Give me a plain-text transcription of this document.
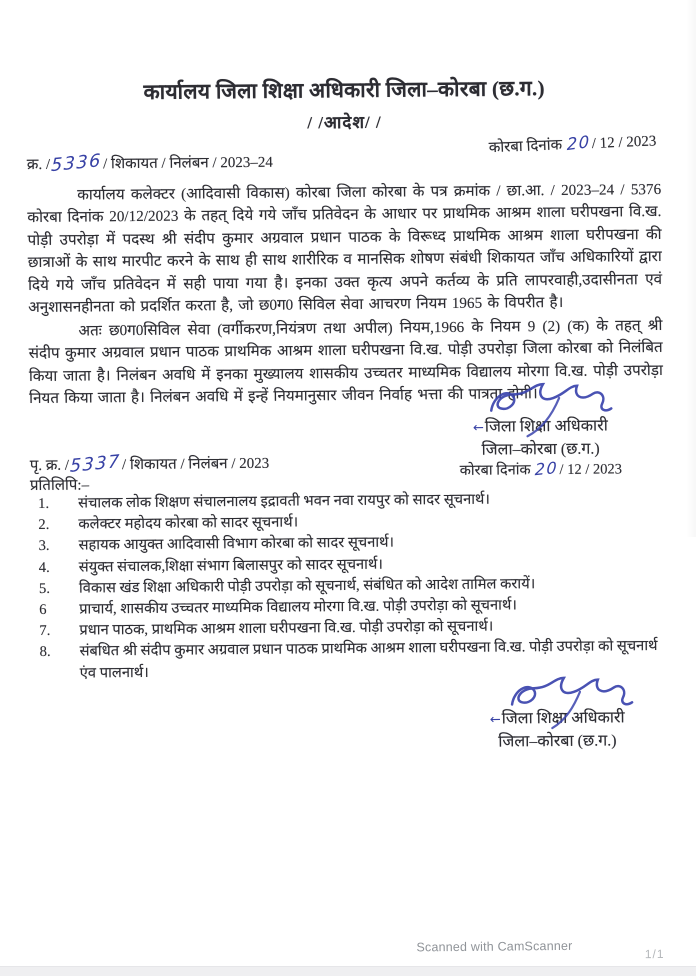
कार्यालय जिला शिक्षा अधिकारी जिला–कोरबा (छ.ग.)
/ /आदेश/ /
कोरबा दिनांक 20/ 12 / 2023
क्र. /5336/ शिकायत / निलंबन / 2023–24
कार्यालय कलेक्टर (आदिवासी विकास) कोरबा जिला कोरबा के पत्र क्रमांक / छा.आ. / 2023–24 / 5376 कोरबा दिनांक 20/12/2023 के तहत् दिये गये जाँच प्रतिवेदन के आधार पर प्राथमिक आश्रम शाला घरीपखना वि.ख. पोड़ी उपरोड़ा में पदस्थ श्री संदीप कुमार अग्रवाल प्रधान पाठक के विरूध्द प्राथमिक आश्रम शाला घरीपखना की छात्राओं के साथ मारपीट करने के साथ ही साथ शारीरिक व मानसिक शोषण संबंधी शिकायत जाँच अधिकारियों द्वारा दिये गये जाँच प्रतिवेदन में सही पाया गया है। इनका उक्त कृत्य अपने कर्तव्य के प्रति लापरवाही,उदासीनता एवं अनुशासनहीनता को प्रदर्शित करता है, जो छ0ग0 सिविल सेवा आचरण नियम 1965 के विपरीत है।
अतः छ0ग0सिविल सेवा (वर्गीकरण,नियंत्रण तथा अपील) नियम,1966 के नियम 9 (2) (क) के तहत् श्री संदीप कुमार अग्रवाल प्रधान पाठक प्राथमिक आश्रम शाला घरीपखना वि.ख. पोड़ी उपरोड़ा जिला कोरबा को निलंबित किया जाता है। निलंबन अवधि में इनका मुख्यालय शासकीय उच्चतर माध्यमिक विद्यालय मोरगा वि.ख. पोड़ी उपरोड़ा नियत किया जाता है। निलंबन अवधि में इन्हें नियमानुसार जीवन निर्वाह भत्ता की पात्रता होगी।
←जिला शिक्षा अधिकारी
जिला–कोरबा (छ.ग.)
कोरबा दिनांक 20/ 12 / 2023
पृ. क्र. /5337/ शिकायत / निलंबन / 2023
प्रतिलिपि:–
1.	संचालक लोक शिक्षण संचालनालय इद्रावती भवन नवा रायपुर को सादर सूचनार्थ।
2.	कलेक्टर महोदय कोरबा को सादर सूचनार्थ।
3.	सहायक आयुक्त आदिवासी विभाग कोरबा को सादर सूचनार्थ।
4.	संयुक्त संचालक,शिक्षा संभाग बिलासपुर को सादर सूचनार्थ।
5.	विकास खंड शिक्षा अधिकारी पोड़ी उपरोड़ा को सूचनार्थ, संबंधित को आदेश तामिल करायें।
6	प्राचार्य, शासकीय उच्चतर माध्यमिक विद्यालय मोरगा वि.ख. पोड़ी उपरोड़ा को सूचनार्थ।
7.	प्रधान पाठक, प्राथमिक आश्रम शाला घरीपखना वि.ख. पोड़ी उपरोड़ा को सूचनार्थ।
8.	संबधित श्री संदीप कुमार अग्रवाल प्रधान पाठक प्राथमिक आश्रम शाला घरीपखना वि.ख. पोड़ी उपरोड़ा को सूचनार्थ एंव पालनार्थ।
←जिला शिक्षा अधिकारी
जिला–कोरबा (छ.ग.)
Scanned with CamScanner	1/1
